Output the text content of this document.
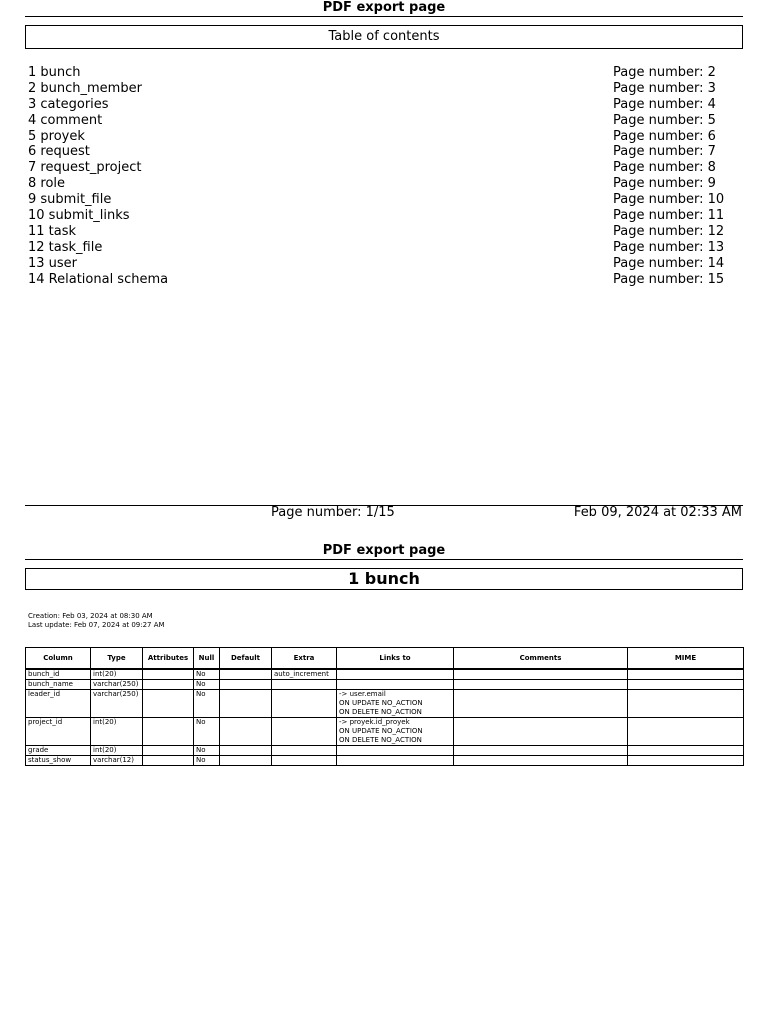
PDF export page
Table of contents
1 bunch	Page number: 2
2 bunch_member	Page number: 3
3 categories	Page number: 4
4 comment	Page number: 5
5 proyek	Page number: 6
6 request	Page number: 7
7 request_project	Page number: 8
8 role	Page number: 9
9 submit_file	Page number: 10
10 submit_links	Page number: 11
11 task	Page number: 12
12 task_file	Page number: 13
13 user	Page number: 14
14 Relational schema	Page number: 15
Page number: 1/15	Feb 09, 2024 at 02:33 AM
PDF export page
1 bunch
Creation: Feb 03, 2024 at 08:30 AM
Last update: Feb 07, 2024 at 09:27 AM
Column	Type	Attributes	Null	Default	Extra	Links to	Comments	MIME
bunch_id	int(20)		No		auto_increment			
bunch_name	varchar(250)		No					
leader_id	varchar(250)		No			-> user.email
ON UPDATE NO_ACTION
ON DELETE NO_ACTION		

project_id	int(20)		No			-> proyek.id_proyek
ON UPDATE NO_ACTION
ON DELETE NO_ACTION		

grade	int(20)		No					
status_show	varchar(12)		No					
